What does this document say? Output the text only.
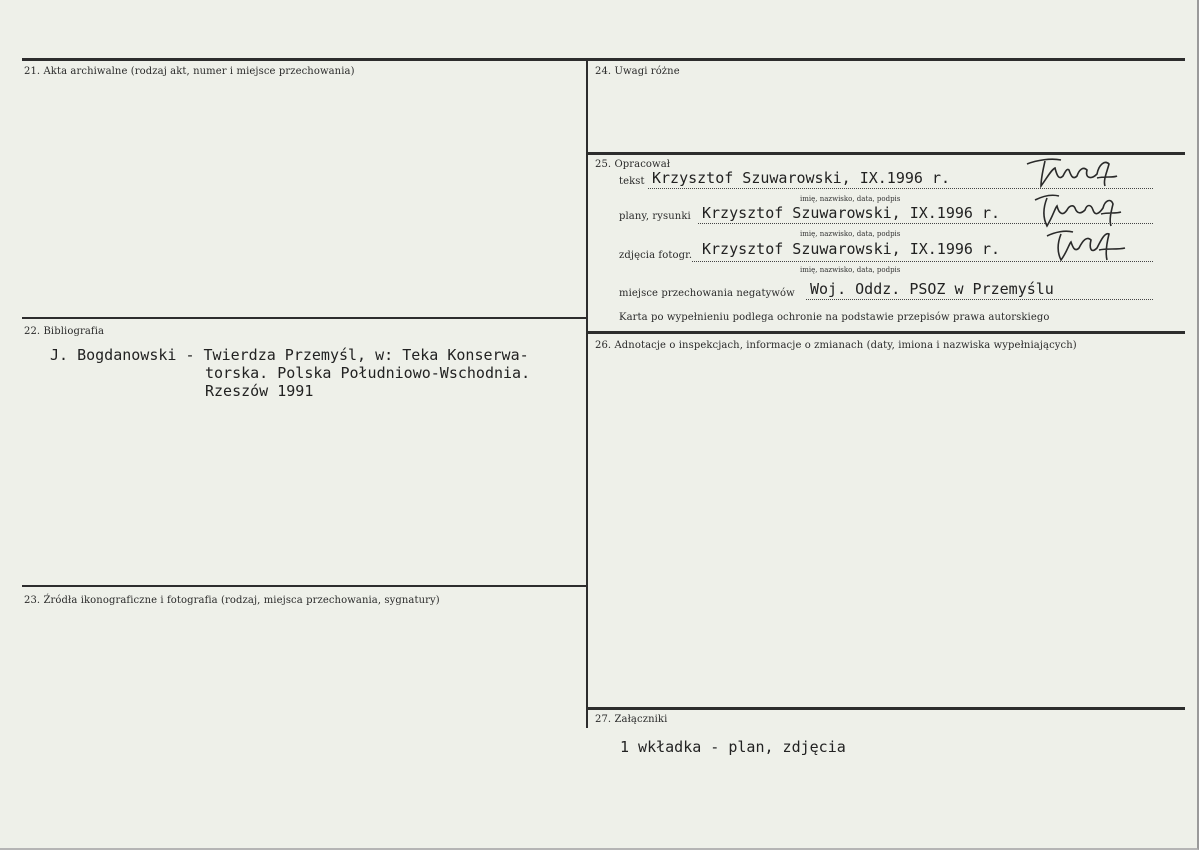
21. Akta archiwalne (rodzaj akt, numer i miejsce przechowania)
22. Bibliografia
J. Bogdanowski - Twierdza Przemyśl, w: Teka Konserwa-
torska. Polska Południowo-Wschodnia.
Rzeszów 1991
23. Źródła ikonograficzne i fotografia (rodzaj, miejsca przechowania, sygnatury)
24. Uwagi różne
25. Opracował
tekst Krzysztof Szuwarowski, IX.1996 r.
imię, nazwisko, data, podpis
plany, rysunki Krzysztof Szuwarowski, IX.1996 r.
imię, nazwisko, data, podpis
zdjęcia fotogr. Krzysztof Szuwarowski, IX.1996 r.
imię, nazwisko, data, podpis
miejsce przechowania negatywów Woj. Oddz. PSOZ w Przemyślu
Karta po wypełnieniu podlega ochronie na podstawie przepisów prawa autorskiego
26. Adnotacje o inspekcjach, informacje o zmianach (daty, imiona i nazwiska wypełniających)
27. Załączniki
1 wkładka - plan, zdjęcia
